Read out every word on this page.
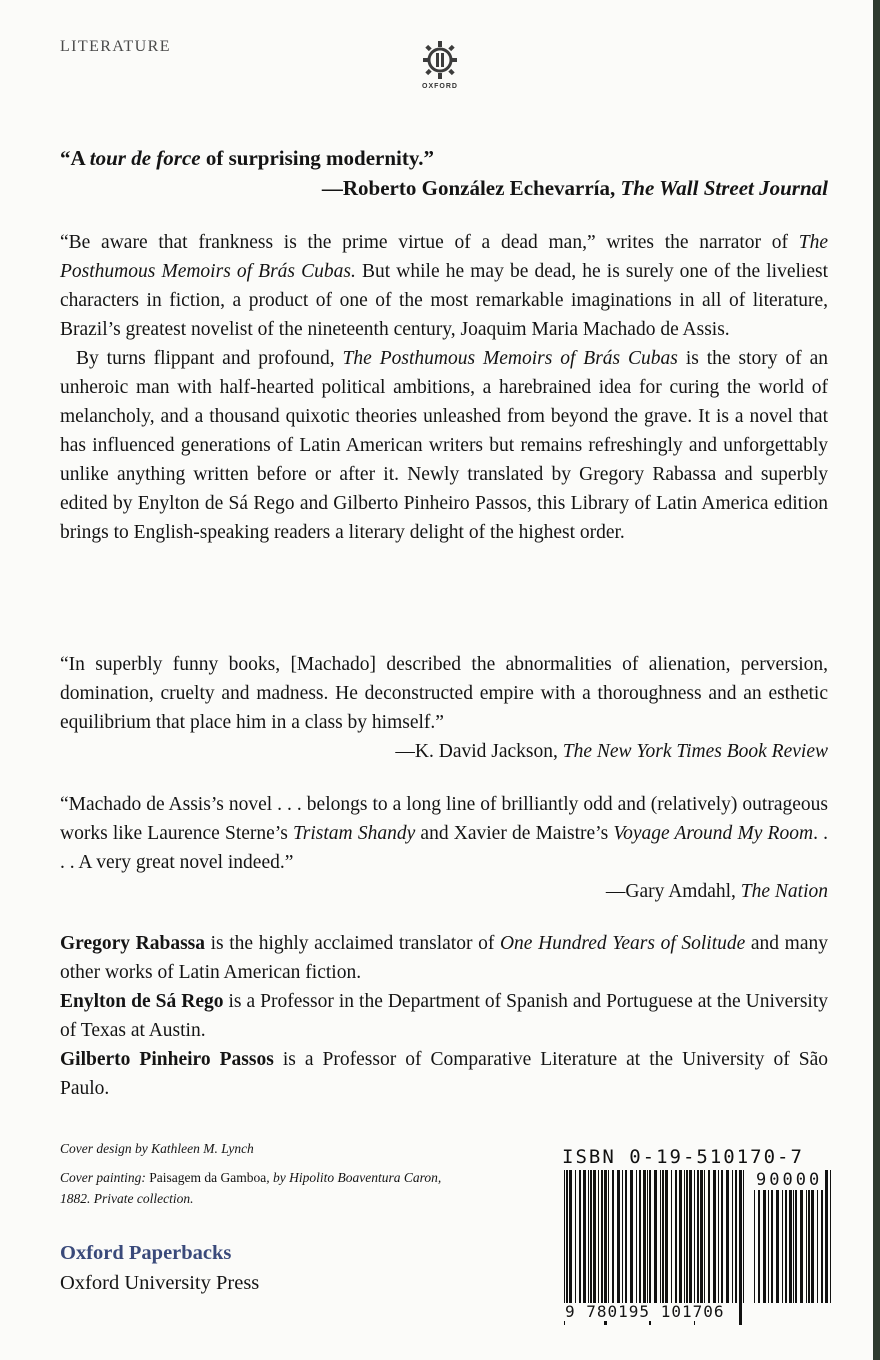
LITERATURE
OXFORD

“A tour de force of surprising modernity.”

—Roberto González Echevarría, The Wall Street Journal

“Be aware that frankness is the prime virtue of a dead man,” writes the narrator of The Posthumous Memoirs of Brás Cubas. But while he may be dead, he is surely one of the liveliest characters in fiction, a product of one of the most remarkable imaginations in all of literature, Brazil’s greatest novelist of the nineteenth century, Joaquim Maria Machado de Assis.

By turns flippant and profound, The Posthumous Memoirs of Brás Cubas is the story of an unheroic man with half-hearted political ambitions, a harebrained idea for curing the world of melancholy, and a thousand quixotic theories unleashed from beyond the grave. It is a novel that has influenced generations of Latin American writers but remains refreshingly and unforgettably unlike anything written before or after it. Newly translated by Gregory Rabassa and superbly edited by Enylton de Sá Rego and Gilberto Pinheiro Passos, this Library of Latin America edition brings to English-speaking readers a literary delight of the highest order.

“In superbly funny books, [Machado] described the abnormalities of alienation, perversion, domination, cruelty and madness. He deconstructed empire with a thoroughness and an esthetic equilibrium that place him in a class by himself.”

—K. David Jackson, The New York Times Book Review

“Machado de Assis’s novel . . . belongs to a long line of brilliantly odd and (relatively) outrageous works like Laurence Sterne’s Tristam Shandy and Xavier de Maistre’s Voyage Around My Room. . . . A very great novel indeed.”

—Gary Amdahl, The Nation

Gregory Rabassa is the highly acclaimed translator of One Hundred Years of Solitude and many other works of Latin American fiction.

Enylton de Sá Rego is a Professor in the Department of Spanish and Portuguese at the University of Texas at Austin.

Gilberto Pinheiro Passos is a Professor of Comparative Literature at the University of São Paulo.

Cover design by Kathleen M. Lynch
Cover painting: Paisagem da Gamboa, by Hipolito Boaventura Caron, 1882. Private collection.
Oxford Paperbacks
Oxford University Press
ISBN 0-19-510170-7
90000
9 780195 101706
